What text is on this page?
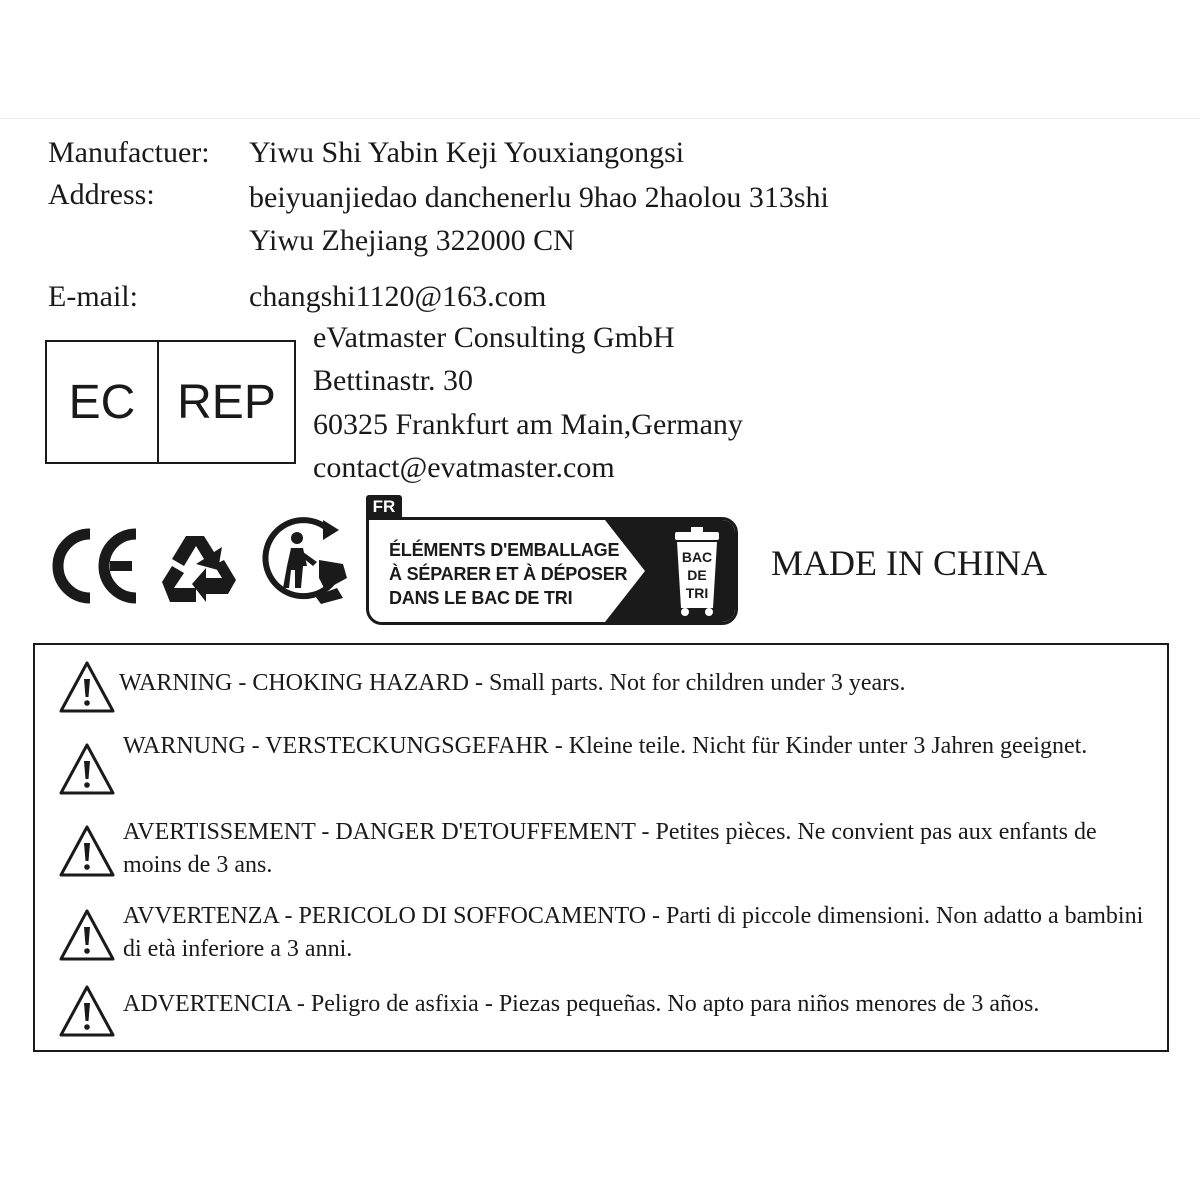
Manufactuer: Yiwu Shi Yabin Keji Youxiangongsi
Address:	beiyuanjiedao danchenerlu 9hao 2haolou 313shi
Yiwu Zhejiang 322000 CN
E-mail:	changshi1120@163.com
EC REP
eVatmaster Consulting GmbH
Bettinastr. 30
60325 Frankfurt am Main,Germany
contact@evatmaster.com
FR
ÉLÉMENTS D'EMBALLAGE
À SÉPARER ET À DÉPOSER
DANS LE BAC DE TRI
BAC
DE
TRI
MADE IN CHINA
WARNING - CHOKING HAZARD - Small parts. Not for children under 3 years.
WARNUNG - VERSTECKUNGSGEFAHR - Kleine teile. Nicht für Kinder unter 3 Jahren geeignet.
AVERTISSEMENT - DANGER D'ETOUFFEMENT - Petites pièces. Ne convient pas aux enfants de moins de 3 ans.
AVVERTENZA - PERICOLO DI SOFFOCAMENTO - Parti di piccole dimensioni. Non adatto a bambini di età inferiore a 3 anni.
ADVERTENCIA - Peligro de asfixia - Piezas pequeñas. No apto para niños menores de 3 años.
